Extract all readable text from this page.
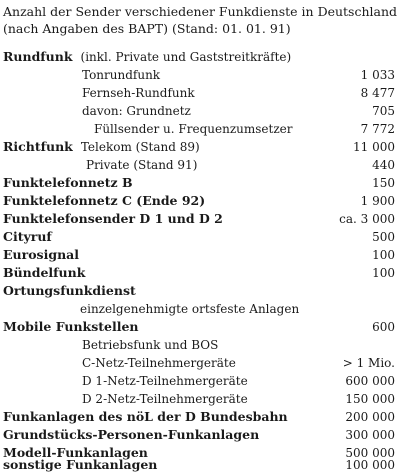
Anzahl der Sender verschiedener Funkdienste in Deutschland (nach Angaben des BAPT) (Stand: 01. 01. 91)
Rundfunk (inkl. Private und Gaststreitkräfte)
Tonrundfunk	1 033
Fernseh-Rundfunk	8 477
davon: Grundnetz	705
Füllsender u. Frequenzumsetzer	7 772
Richtfunk Telekom (Stand 89)	11 000
Private (Stand 91)	440
Funktelefonnetz B	150
Funktelefonnetz C (Ende 92)	1 900
Funktelefonsender D 1 und D 2	ca. 3 000
Cityruf	500
Eurosignal	100
Bündelfunk	100
Ortungsfunkdienst
einzelgenehmigte ortsfeste Anlagen
Mobile Funkstellen	600
Betriebsfunk und BOS
C-Netz-Teilnehmergeräte	> 1 Mio.
D 1-Netz-Teilnehmergeräte	600 000
D 2-Netz-Teilnehmergeräte	150 000
Funkanlagen des nöL der D Bundesbahn	200 000
Grundstücks-Personen-Funkanlagen	300 000
Modell-Funkanlagen	500 000
sonstige Funkanlagen	100 000
